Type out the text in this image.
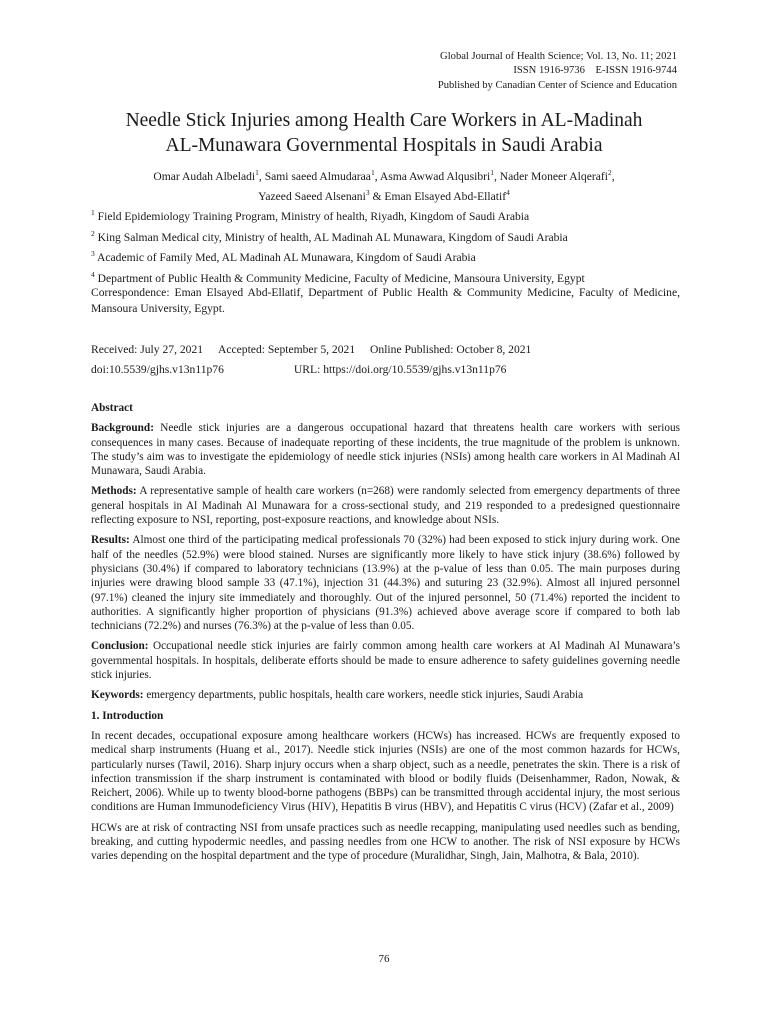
Global Journal of Health Science; Vol. 13, No. 11; 2021
ISSN 1916-9736    E-ISSN 1916-9744
Published by Canadian Center of Science and Education
Needle Stick Injuries among Health Care Workers in AL-Madinah
AL-Munawara Governmental Hospitals in Saudi Arabia
Omar Audah Albeladi$^1$, Sami saeed Almudaraa$^1$, Asma Awwad Alqusibri$^1$, Nader Moneer Alqerafi$^2$,
Yazeed Saeed Alsenani$^3$ & Eman Elsayed Abd-Ellatif$^4$
$^1$ Field Epidemiology Training Program, Ministry of health, Riyadh, Kingdom of Saudi Arabia
$^2$ King Salman Medical city, Ministry of health, AL Madinah AL Munawara, Kingdom of Saudi Arabia
$^3$ Academic of Family Med, AL Madinah AL Munawara, Kingdom of Saudi Arabia
$^4$ Department of Public Health & Community Medicine, Faculty of Medicine, Mansoura University, Egypt
Correspondence: Eman Elsayed Abd-Ellatif, Department of Public Health & Community Medicine, Faculty of Medicine, Mansoura University, Egypt.
Received: July 27, 2021 Accepted: September 5, 2021 Online Published: October 8, 2021
doi:10.5539/gjhs.v13n11p76	URL: https://doi.org/10.5539/gjhs.v13n11p76
Abstract

Background: Needle stick injuries are a dangerous occupational hazard that threatens health care workers with serious consequences in many cases. Because of inadequate reporting of these incidents, the true magnitude of the problem is unknown. The study’s aim was to investigate the epidemiology of needle stick injuries (NSIs) among health care workers in Al Madinah Al Munawara, Saudi Arabia.

Methods: A representative sample of health care workers (n=268) were randomly selected from emergency departments of three general hospitals in Al Madinah Al Munawara for a cross-sectional study, and 219 responded to a predesigned questionnaire reflecting exposure to NSI, reporting, post-exposure reactions, and knowledge about NSIs.

Results: Almost one third of the participating medical professionals 70 (32%) had been exposed to stick injury during work. One half of the needles (52.9%) were blood stained. Nurses are significantly more likely to have stick injury (38.6%) followed by physicians (30.4%) if compared to laboratory technicians (13.9%) at the p-value of less than 0.05. The main purposes during injuries were drawing blood sample 33 (47.1%), injection 31 (44.3%) and suturing 23 (32.9%). Almost all injured personnel (97.1%) cleaned the injury site immediately and thoroughly. Out of the injured personnel, 50 (71.4%) reported the incident to authorities. A significantly higher proportion of physicians (91.3%) achieved above average score if compared to both lab technicians (72.2%) and nurses (76.3%) at the p-value of less than 0.05.

Conclusion: Occupational needle stick injuries are fairly common among health care workers at Al Madinah Al Munawara’s governmental hospitals. In hospitals, deliberate efforts should be made to ensure adherence to safety guidelines governing needle stick injuries.

Keywords: emergency departments, public hospitals, health care workers, needle stick injuries, Saudi Arabia

1. Introduction

In recent decades, occupational exposure among healthcare workers (HCWs) has increased. HCWs are frequently exposed to medical sharp instruments (Huang et al., 2017). Needle stick injuries (NSIs) are one of the most common hazards for HCWs, particularly nurses (Tawil, 2016). Sharp injury occurs when a sharp object, such as a needle, penetrates the skin. There is a risk of infection transmission if the sharp instrument is contaminated with blood or bodily fluids (Deisenhammer, Radon, Nowak, & Reichert, 2006). While up to twenty blood-borne pathogens (BBPs) can be transmitted through accidental injury, the most serious conditions are Human Immunodeficiency Virus (HIV), Hepatitis B virus (HBV), and Hepatitis C virus (HCV) (Zafar et al., 2009)

HCWs are at risk of contracting NSI from unsafe practices such as needle recapping, manipulating used needles such as bending, breaking, and cutting hypodermic needles, and passing needles from one HCW to another. The risk of NSI exposure by HCWs varies depending on the hospital department and the type of procedure (Muralidhar, Singh, Jain, Malhotra, & Bala, 2010).

76
